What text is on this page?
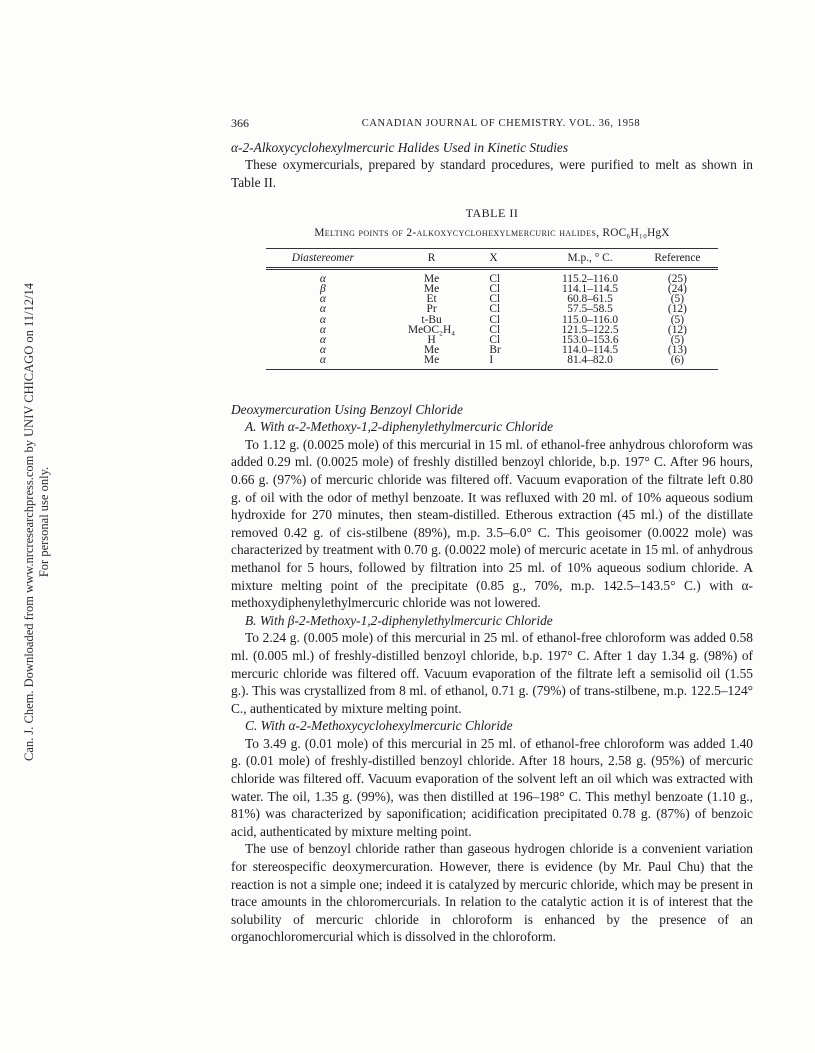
Can. J. Chem. Downloaded from www.nrcresearchpress.com by UNIV CHICAGO on 11/12/14 For personal use only.
366	CANADIAN JOURNAL OF CHEMISTRY. VOL. 36, 1958
α-2-Alkoxycyclohexylmercuric Halides Used in Kinetic Studies

These oxymercurials, prepared by standard procedures, were purified to melt as shown in Table II.

TABLE II
Melting points of 2-alkoxycyclohexylmercuric halides, ROC₆H₁₀HgX
Diastereomer	R	X	M.p., ° C.	Reference
α	Me	Cl	115.2–116.0	(25)
β	Me	Cl	114.1–114.5	(24)
α	Et	Cl	60.8–61.5	(5)
α	Pr	Cl	57.5–58.5	(12)
α	t-Bu	Cl	115.0–116.0	(5)
α	MeOC₂H₄	Cl	121.5–122.5	(12)
α	H	Cl	153.0–153.6	(5)
α	Me	Br	114.0–114.5	(13)
α	Me	I	81.4–82.0	(6)
Deoxymercuration Using Benzoyl Chloride
A. With α-2-Methoxy-1,2-diphenylethylmercuric Chloride

To 1.12 g. (0.0025 mole) of this mercurial in 15 ml. of ethanol-free anhydrous chloroform was added 0.29 ml. (0.0025 mole) of freshly distilled benzoyl chloride, b.p. 197° C. After 96 hours, 0.66 g. (97%) of mercuric chloride was filtered off. Vacuum evaporation of the filtrate left 0.80 g. of oil with the odor of methyl benzoate. It was refluxed with 20 ml. of 10% aqueous sodium hydroxide for 270 minutes, then steam-distilled. Etherous extraction (45 ml.) of the distillate removed 0.42 g. of cis-stilbene (89%), m.p. 3.5–6.0° C. This geoisomer (0.0022 mole) was characterized by treatment with 0.70 g. (0.0022 mole) of mercuric acetate in 15 ml. of anhydrous methanol for 5 hours, followed by filtration into 25 ml. of 10% aqueous sodium chloride. A mixture melting point of the precipitate (0.85 g., 70%, m.p. 142.5–143.5° C.) with α-methoxydiphenylethylmercuric chloride was not lowered.

B. With β-2-Methoxy-1,2-diphenylethylmercuric Chloride

To 2.24 g. (0.005 mole) of this mercurial in 25 ml. of ethanol-free chloroform was added 0.58 ml. (0.005 ml.) of freshly-distilled benzoyl chloride, b.p. 197° C. After 1 day 1.34 g. (98%) of mercuric chloride was filtered off. Vacuum evaporation of the filtrate left a semisolid oil (1.55 g.). This was crystallized from 8 ml. of ethanol, 0.71 g. (79%) of trans-stilbene, m.p. 122.5–124° C., authenticated by mixture melting point.

C. With α-2-Methoxycyclohexylmercuric Chloride

To 3.49 g. (0.01 mole) of this mercurial in 25 ml. of ethanol-free chloroform was added 1.40 g. (0.01 mole) of freshly-distilled benzoyl chloride. After 18 hours, 2.58 g. (95%) of mercuric chloride was filtered off. Vacuum evaporation of the solvent left an oil which was extracted with water. The oil, 1.35 g. (99%), was then distilled at 196–198° C. This methyl benzoate (1.10 g., 81%) was characterized by saponification; acidification precipitated 0.78 g. (87%) of benzoic acid, authenticated by mixture melting point.

The use of benzoyl chloride rather than gaseous hydrogen chloride is a convenient variation for stereospecific deoxymercuration. However, there is evidence (by Mr. Paul Chu) that the reaction is not a simple one; indeed it is catalyzed by mercuric chloride, which may be present in trace amounts in the chloromercurials. In relation to the catalytic action it is of interest that the solubility of mercuric chloride in chloroform is enhanced by the presence of an organochloromercurial which is dissolved in the chloroform.
